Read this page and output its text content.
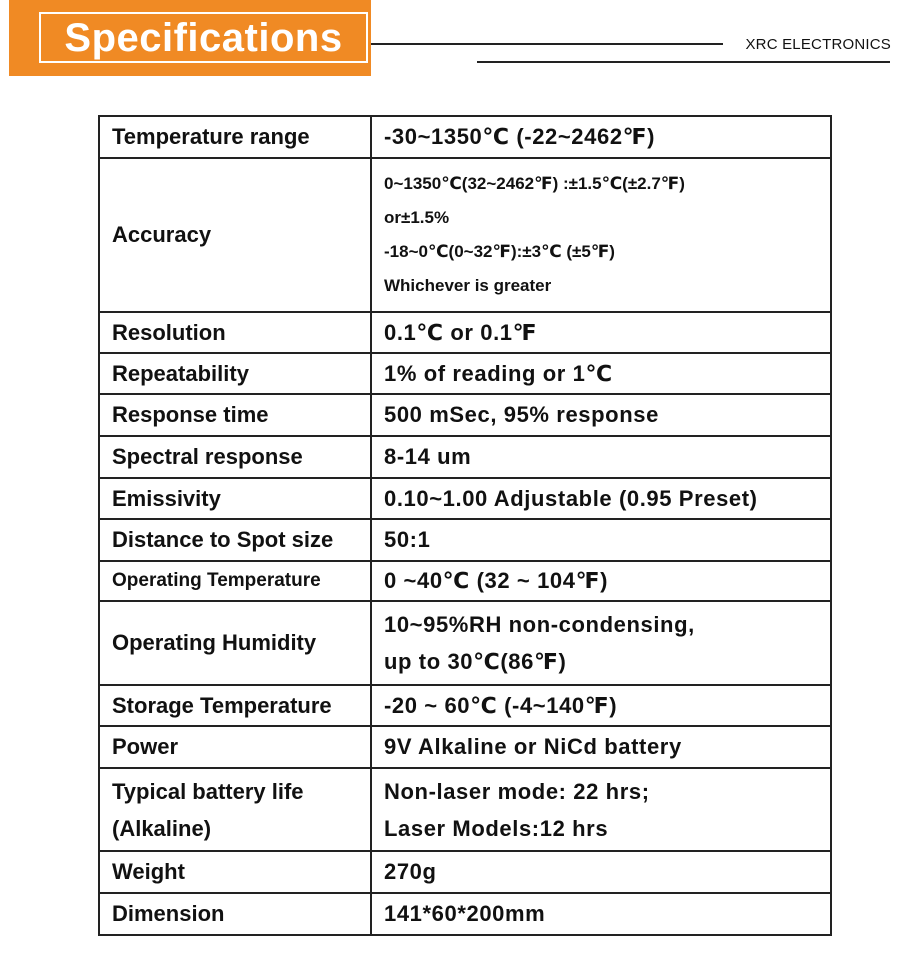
Specifications	XRC ELECTRONICS
Temperature range	-30~1350℃ (-22~2462℉)
Accuracy	0~1350℃(32~2462℉) :±1.5℃(±2.7℉)
or±1.5%
-18~0℃(0~32℉):±3℃ (±5℉)
Whichever is greater

Resolution	0.1℃ or 0.1℉
Repeatability	1% of reading or 1℃
Response time	500 mSec, 95% response
Spectral response	8-14 um
Emissivity	0.10~1.00 Adjustable (0.95 Preset)
Distance to Spot size	50:1
Operating Temperature	0 ~40℃ (32 ~ 104℉)
Operating Humidity	10~95%RH non-condensing,
up to 30℃(86℉)

Storage Temperature	-20 ~ 60℃ (-4~140℉)
Power	9V Alkaline or NiCd battery

Typical battery life
(Alkaline)	Non-laser mode: 22 hrs;
Laser Models:12 hrs

Weight	270g
Dimension	141*60*200mm
